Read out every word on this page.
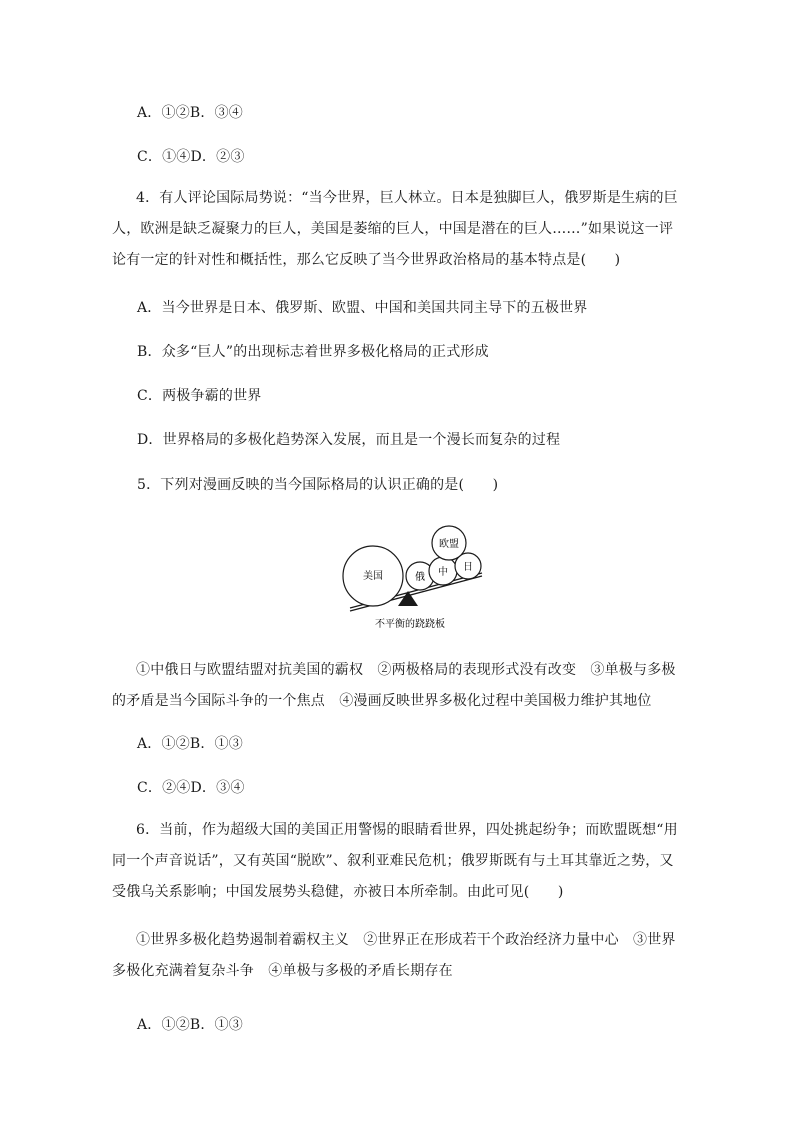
A．①②B．③④
C．①④D．②③
4．有人评论国际局势说：“当今世界，巨人林立。日本是独脚巨人，俄罗斯是生病的巨人，欧洲是缺乏凝聚力的巨人，美国是萎缩的巨人，中国是潜在的巨人……”如果说这一评论有一定的针对性和概括性，那么它反映了当今世界政治格局的基本特点是(　　)
A．当今世界是日本、俄罗斯、欧盟、中国和美国共同主导下的五极世界
B．众多“巨人”的出现标志着世界多极化格局的正式形成
C．两极争霸的世界
D．世界格局的多极化趋势深入发展，而且是一个漫长而复杂的过程
5．下列对漫画反映的当今国际格局的认识正确的是(　　)
美国	俄 中 日
欧盟
不平衡的跷跷板
①中俄日与欧盟结盟对抗美国的霸权　②两极格局的表现形式没有改变　③单极与多极的矛盾是当今国际斗争的一个焦点　④漫画反映世界多极化过程中美国极力维护其地位
A．①②B．①③
C．②④D．③④
6．当前，作为超级大国的美国正用警惕的眼睛看世界，四处挑起纷争；而欧盟既想“用同一个声音说话”，又有英国“脱欧”、叙利亚难民危机；俄罗斯既有与土耳其靠近之势，又受俄乌关系影响；中国发展势头稳健，亦被日本所牵制。由此可见(　　)
①世界多极化趋势遏制着霸权主义　②世界正在形成若干个政治经济力量中心　③世界多极化充满着复杂斗争　④单极与多极的矛盾长期存在
A．①②B．①③
